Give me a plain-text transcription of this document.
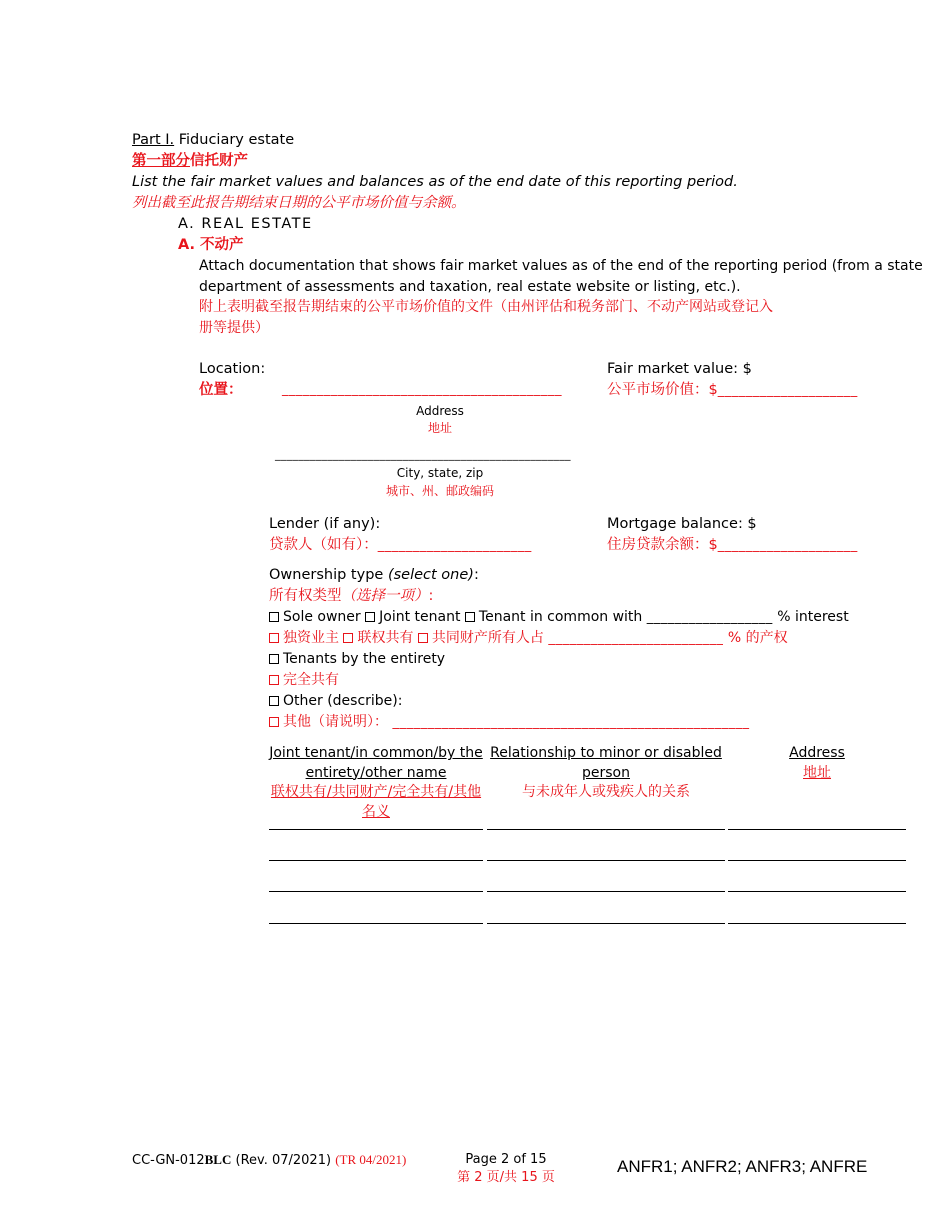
Part I. Fiduciary estate
第一部分信托财产
List the fair market values and balances as of the end date of this reporting period.
列出截至此报告期结束日期的公平市场价值与余额。
A. REAL ESTATE
A. 不动产
Attach documentation that shows fair market values as of the end of the reporting period (from a state
department of assessments and taxation, real estate website or listing, etc.).
附上表明截至报告期结束的公平市场价值的文件（由州评估和税务部门、不动产网站或登记入
册等提供）
Location:
位置：	________________________________________
Address
地址
___________________________________________________
City, state, zip
城市、州、邮政编码
Fair market value: $
公平市场价值：$____________________
Lender (if any):
贷款人（如有）：______________________
Mortgage balance: $
住房贷款余额：$____________________
Ownership type (select one):
所有权类型（选择一项）:
Sole owner Joint tenant Tenant in common with __________________ % interest
独资业主 联权共有 共同财产所有人占 _________________________ % 的产权
Tenants by the entirety
完全共有
Other (describe):
其他（请说明）： ___________________________________________________
Joint tenant/in common/by the entirety/other name
联权共有/共同财产/完全共有/其他名义
Relationship to minor or disabled person
与未成年人或残疾人的关系
Address
地址
CC-GN-012BLC (Rev. 07/2021) (TR 04/2021)	Page 2 of 15
第 2 页/共 15 页
ANFR1; ANFR2; ANFR3; ANFRE
